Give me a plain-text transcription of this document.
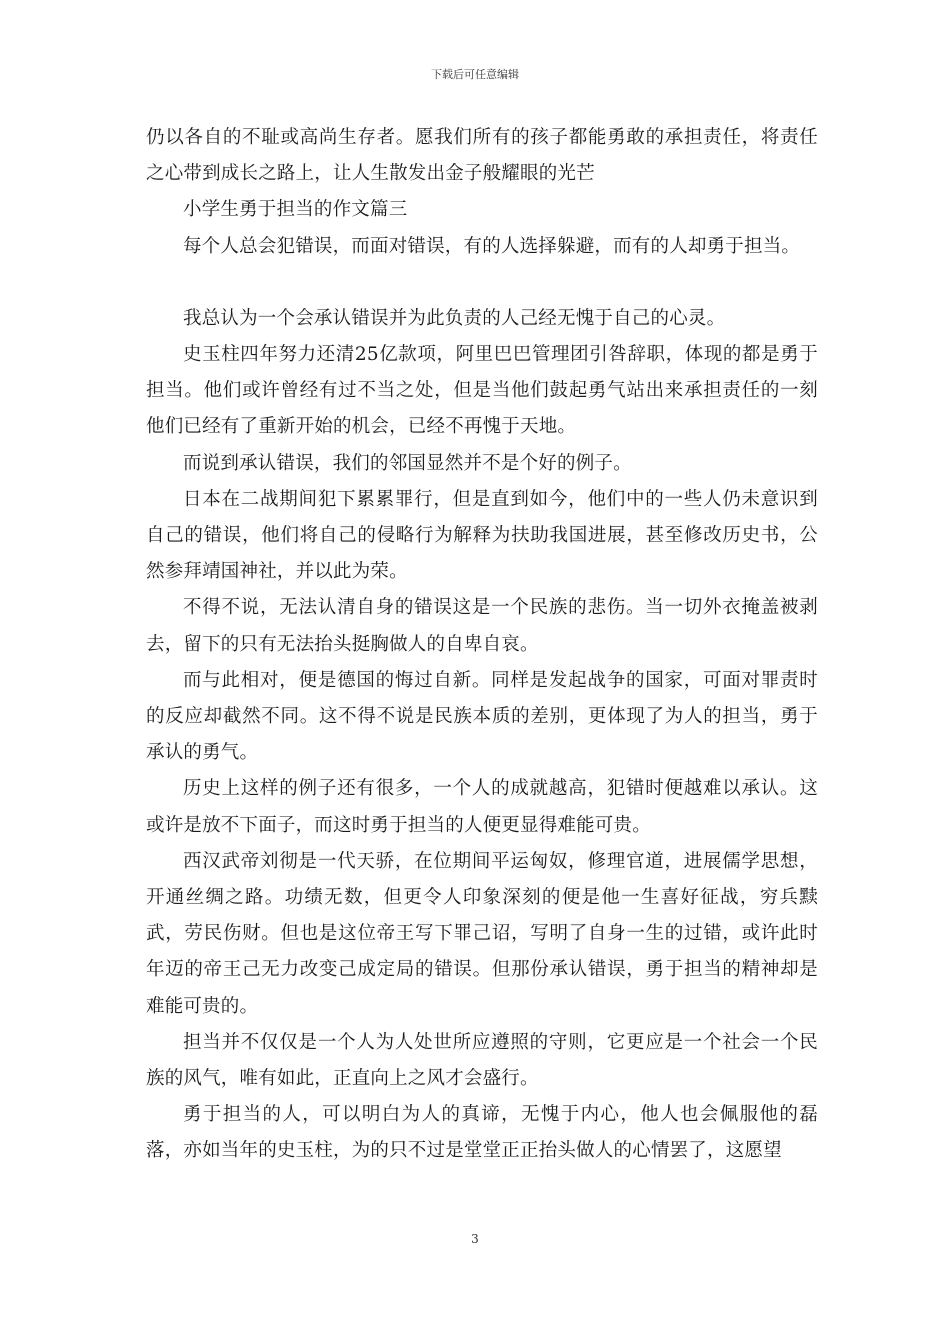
下载后可任意编辑

仍以各自的不耻或高尚生存者。愿我们所有的孩子都能勇敢的承担责任，将责任之心带到成长之路上，让人生散发出金子般耀眼的光芒

小学生勇于担当的作文篇三

每个人总会犯错误，而面对错误，有的人选择躲避，而有的人却勇于担当。

我总认为一个会承认错误并为此负责的人己经无愧于自己的心灵。

史玉柱四年努力还清25亿款项，阿里巴巴管理团引咎辞职，体现的都是勇于担当。他们或许曾经有过不当之处，但是当他们鼓起勇气站出来承担责任的一刻他们已经有了重新开始的机会，已经不再愧于天地。

而说到承认错误，我们的邻国显然并不是个好的例子。

日本在二战期间犯下累累罪行，但是直到如今，他们中的一些人仍未意识到自己的错误，他们将自己的侵略行为解释为扶助我国进展，甚至修改历史书，公然参拜靖国神社，并以此为荣。

不得不说，无法认清自身的错误这是一个民族的悲伤。当一切外衣掩盖被剥去，留下的只有无法抬头挺胸做人的自卑自哀。

而与此相对，便是德国的悔过自新。同样是发起战争的国家，可面对罪责时的反应却截然不同。这不得不说是民族本质的差别，更体现了为人的担当，勇于承认的勇气。

历史上这样的例子还有很多，一个人的成就越高，犯错时便越难以承认。这或许是放不下面子，而这时勇于担当的人便更显得难能可贵。

西汉武帝刘彻是一代天骄，在位期间平运匈奴，修理官道，进展儒学思想，开通丝绸之路。功绩无数，但更令人印象深刻的便是他一生喜好征战，穷兵黩武，劳民伤财。但也是这位帝王写下罪己诏，写明了自身一生的过错，或许此时年迈的帝王己无力改变己成定局的错误。但那份承认错误，勇于担当的精神却是难能可贵的。

担当并不仅仅是一个人为人处世所应遵照的守则，它更应是一个社会一个民族的风气，唯有如此，正直向上之风才会盛行。

勇于担当的人，可以明白为人的真谛，无愧于内心，他人也会佩服他的磊落，亦如当年的史玉柱，为的只不过是堂堂正正抬头做人的心情罢了，这愿望

3
